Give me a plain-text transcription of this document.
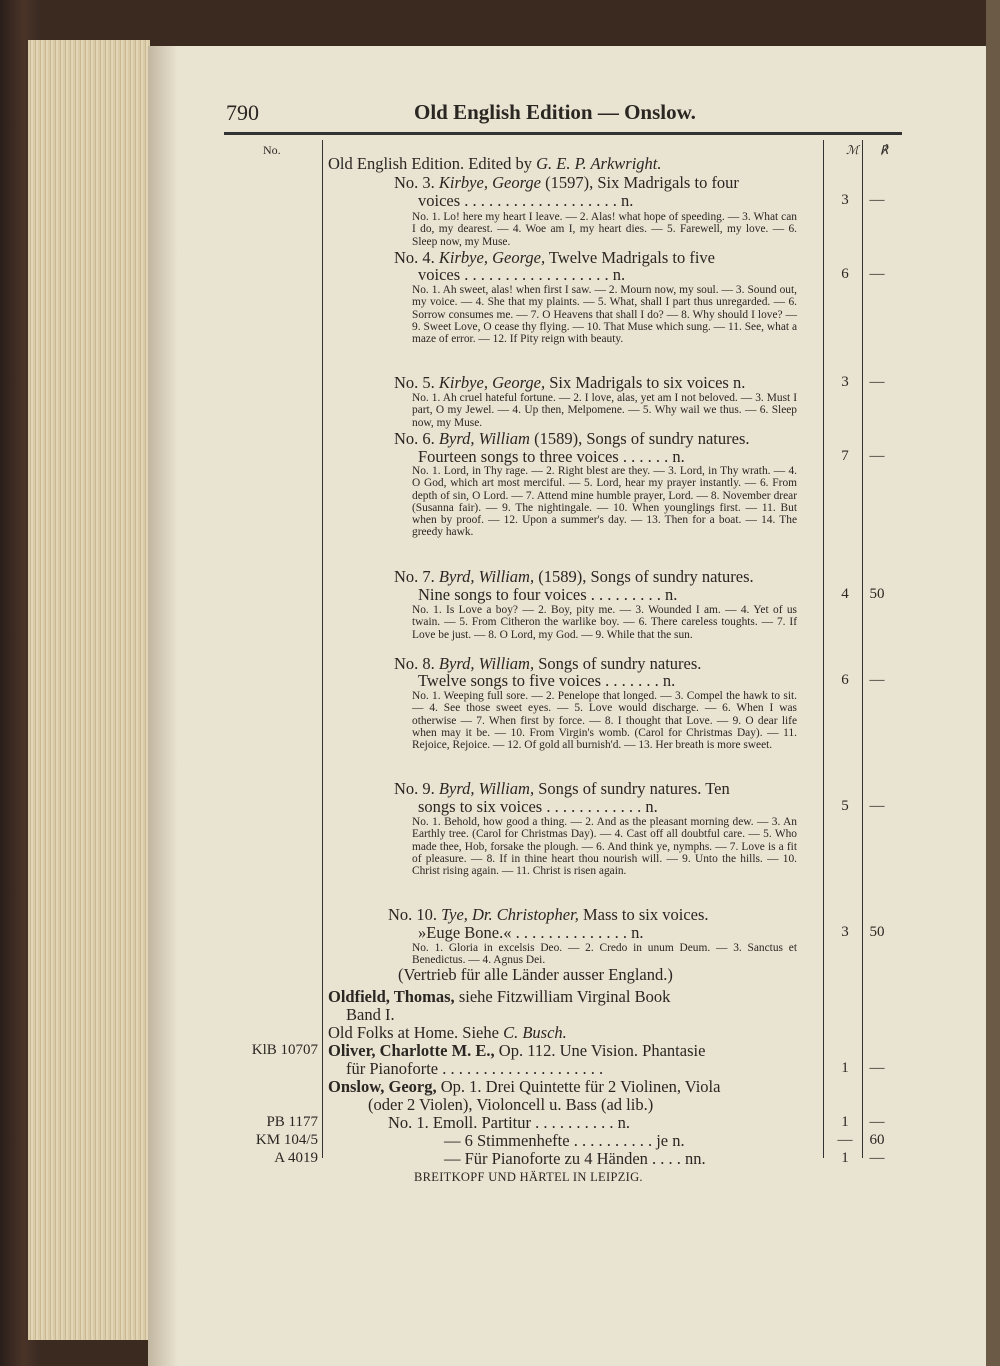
790	Old English Edition — Onslow.
No.	ℳ ℟
Old English Edition. Edited by G. E. P. Arkwright.
No. 3. Kirbye, George (1597), Six Madrigals to four
voices . . . . . . . . . . . . . . . . . . . n.	3	—
No. 1. Lo! here my heart I leave. — 2. Alas! what hope of speeding. — 3. What can I do, my dearest. — 4. Woe am I, my heart dies. — 5. Farewell, my love. — 6. Sleep now, my Muse.
No. 4. Kirbye, George, Twelve Madrigals to five
voices . . . . . . . . . . . . . . . . . . n.	6	—
No. 1. Ah sweet, alas! when first I saw. — 2. Mourn now, my soul. — 3. Sound out, my voice. — 4. She that my plaints. — 5. What, shall I part thus unregarded. — 6. Sorrow consumes me. — 7. O Heavens that shall I do? — 8. Why should I love? — 9. Sweet Love, O cease thy flying. — 10. That Muse which sung. — 11. See, what a maze of error. — 12. If Pity reign with beauty.
No. 5. Kirbye, George, Six Madrigals to six voices n.	3	—
No. 1. Ah cruel hateful fortune. — 2. I love, alas, yet am I not beloved. — 3. Must I part, O my Jewel. — 4. Up then, Melpomene. — 5. Why wail we thus. — 6. Sleep now, my Muse.
No. 6. Byrd, William (1589), Songs of sundry natures.
Fourteen songs to three voices . . . . . . n.	7	—
No. 1. Lord, in Thy rage. — 2. Right blest are they. — 3. Lord, in Thy wrath. — 4. O God, which art most merciful. — 5. Lord, hear my prayer instantly. — 6. From depth of sin, O Lord. — 7. Attend mine humble prayer, Lord. — 8. November drear (Susanna fair). — 9. The nightingale. — 10. When younglings first. — 11. But when by proof. — 12. Upon a summer's day. — 13. Then for a boat. — 14. The greedy hawk.
No. 7. Byrd, William, (1589), Songs of sundry natures.
Nine songs to four voices . . . . . . . . . n.	4	50
No. 1. Is Love a boy? — 2. Boy, pity me. — 3. Wounded I am. — 4. Yet of us twain. — 5. From Citheron the warlike boy. — 6. There careless toughts. — 7. If Love be just. — 8. O Lord, my God. — 9. While that the sun.
No. 8. Byrd, William, Songs of sundry natures.
Twelve songs to five voices . . . . . . . n.	6	—
No. 1. Weeping full sore. — 2. Penelope that longed. — 3. Compel the hawk to sit. — 4. See those sweet eyes. — 5. Love would discharge. — 6. When I was otherwise — 7. When first by force. — 8. I thought that Love. — 9. O dear life when may it be. — 10. From Virgin's womb. (Carol for Christmas Day). — 11. Rejoice, Rejoice. — 12. Of gold all burnish'd. — 13. Her breath is more sweet.
No. 9. Byrd, William, Songs of sundry natures. Ten
songs to six voices . . . . . . . . . . . . n.	5	—
No. 1. Behold, how good a thing. — 2. And as the pleasant morning dew. — 3. An Earthly tree. (Carol for Christmas Day). — 4. Cast off all doubtful care. — 5. Who made thee, Hob, forsake the plough. — 6. And think ye, nymphs. — 7. Love is a fit of pleasure. — 8. If in thine heart thou nourish will. — 9. Unto the hills. — 10. Christ rising again. — 11. Christ is risen again.
No. 10. Tye, Dr. Christopher, Mass to six voices.
»Euge Bone.« . . . . . . . . . . . . . . n.	3	50
No. 1. Gloria in excelsis Deo. — 2. Credo in unum Deum. — 3. Sanctus et Benedictus. — 4. Agnus Dei.
(Vertrieb für alle Länder ausser England.)
Oldfield, Thomas, siehe Fitzwilliam Virginal Book
Band I.
Old Folks at Home. Siehe C. Busch.
KlB 10707 Oliver, Charlotte M. E., Op. 112. Une Vision. Phantasie
für Pianoforte . . . . . . . . . . . . . . . . . . . .	1	—
Onslow, Georg, Op. 1. Drei Quintette für 2 Violinen, Viola
(oder 2 Violen), Violoncell u. Bass (ad lib.)
PB 1177	No. 1. Emoll. Partitur . . . . . . . . . . n.	1	—
KM 104/5	— 6 Stimmenhefte . . . . . . . . . . je n.	—	60
A 4019	— Für Pianoforte zu 4 Händen . . . . nn.	1	—
BREITKOPF UND HÄRTEL IN LEIPZIG.
